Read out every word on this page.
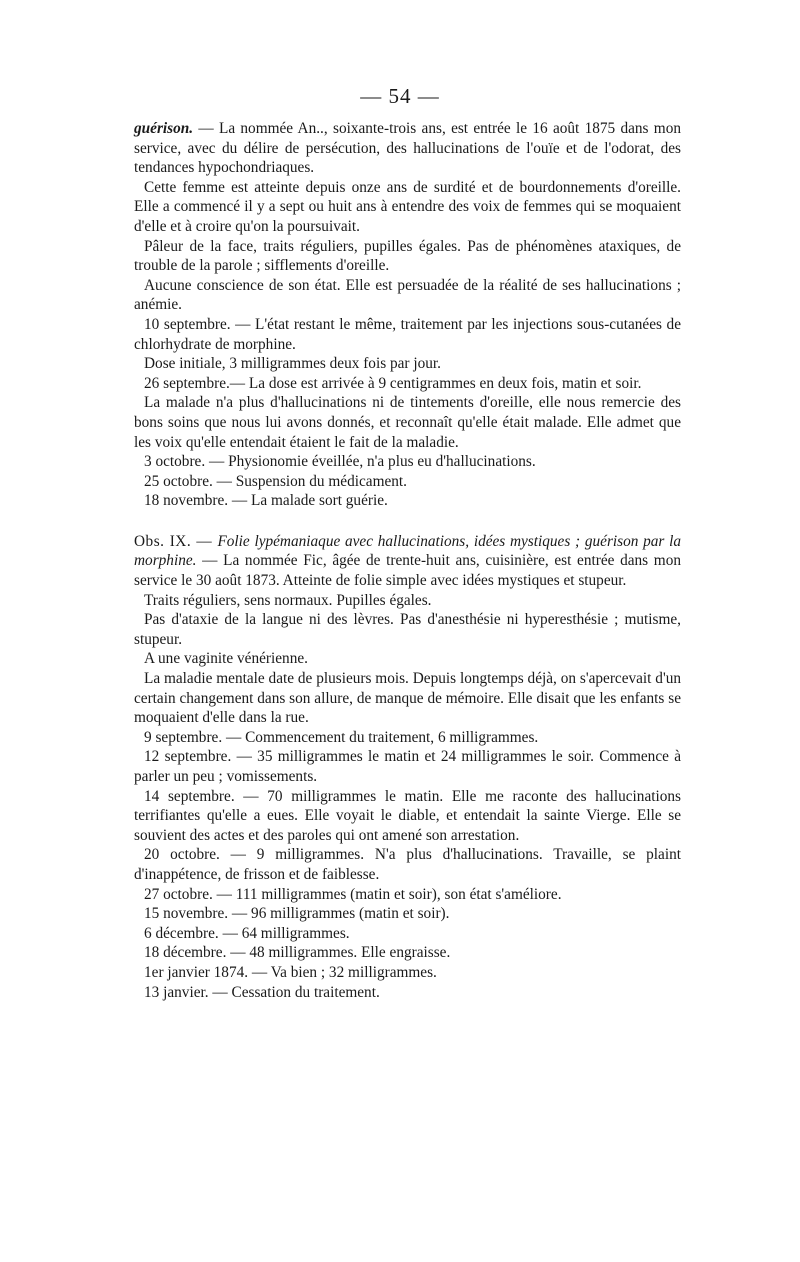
— 54 —

guérison. — La nommée An.., soixante-trois ans, est entrée le 16 août 1875 dans mon service, avec du délire de persécution, des hallucinations de l'ouïe et de l'odorat, des tendances hypochondriaques.

Cette femme est atteinte depuis onze ans de surdité et de bourdonnements d'oreille. Elle a commencé il y a sept ou huit ans à entendre des voix de femmes qui se moquaient d'elle et à croire qu'on la poursuivait.

Pâleur de la face, traits réguliers, pupilles égales. Pas de phénomènes ataxiques, de trouble de la parole ; sifflements d'oreille.

Aucune conscience de son état. Elle est persuadée de la réalité de ses hallucinations ; anémie.

10 septembre. — L'état restant le même, traitement par les injections sous-cutanées de chlorhydrate de morphine.

Dose initiale, 3 milligrammes deux fois par jour.

26 septembre.— La dose est arrivée à 9 centigrammes en deux fois, matin et soir.

La malade n'a plus d'hallucinations ni de tintements d'oreille, elle nous remercie des bons soins que nous lui avons donnés, et reconnaît qu'elle était malade. Elle admet que les voix qu'elle entendait étaient le fait de la maladie.

3 octobre. — Physionomie éveillée, n'a plus eu d'hallucinations.

25 octobre. — Suspension du médicament.

18 novembre. — La malade sort guérie.

Obs. IX. — Folie lypémaniaque avec hallucinations, idées mystiques ; guérison par la morphine. — La nommée Fic, âgée de trente-huit ans, cuisinière, est entrée dans mon service le 30 août 1873. Atteinte de folie simple avec idées mystiques et stupeur.

Traits réguliers, sens normaux. Pupilles égales.

Pas d'ataxie de la langue ni des lèvres. Pas d'anesthésie ni hyperesthésie ; mutisme, stupeur.

A une vaginite vénérienne.

La maladie mentale date de plusieurs mois. Depuis longtemps déjà, on s'apercevait d'un certain changement dans son allure, de manque de mémoire. Elle disait que les enfants se moquaient d'elle dans la rue.

9 septembre. — Commencement du traitement, 6 milligrammes.

12 septembre. — 35 milligrammes le matin et 24 milligrammes le soir. Commence à parler un peu ; vomissements.

14 septembre. — 70 milligrammes le matin. Elle me raconte des hallucinations terrifiantes qu'elle a eues. Elle voyait le diable, et entendait la sainte Vierge. Elle se souvient des actes et des paroles qui ont amené son arrestation.

20 octobre. — 9 milligrammes. N'a plus d'hallucinations. Travaille, se plaint d'inappétence, de frisson et de faiblesse.

27 octobre. — 111 milligrammes (matin et soir), son état s'améliore.

15 novembre. — 96 milligrammes (matin et soir).

6 décembre. — 64 milligrammes.

18 décembre. — 48 milligrammes. Elle engraisse.

1er janvier 1874. — Va bien ; 32 milligrammes.

13 janvier. — Cessation du traitement.
